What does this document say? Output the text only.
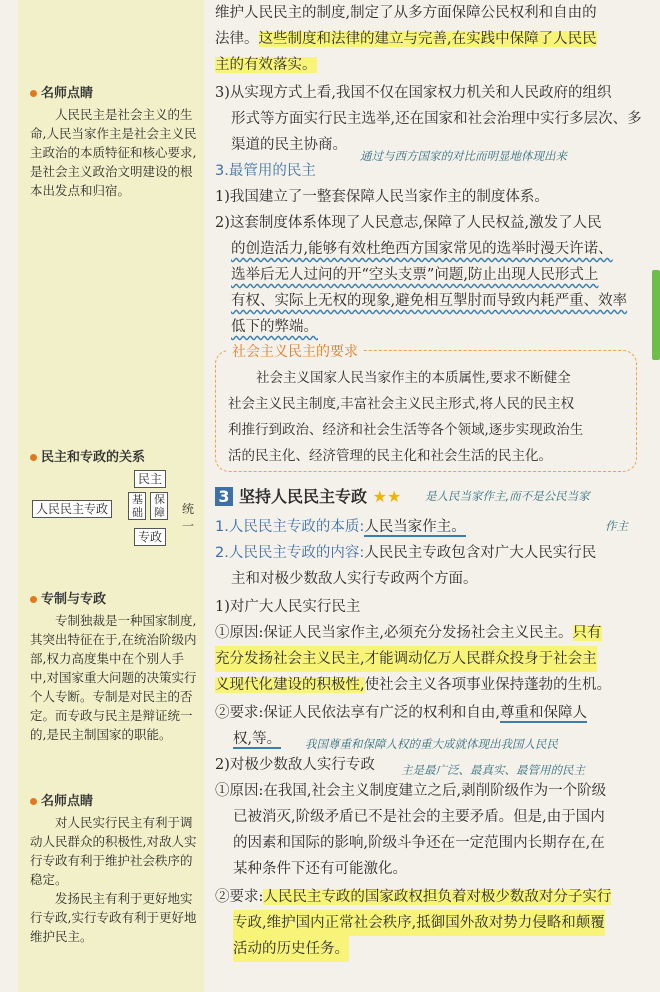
名师点睛
人民民主是社会主义的生命,人民当家作主是社会主义民主政治的本质特征和核心要求,是社会主义政治文明建设的根本出发点和归宿。
民主和专政的关系
人民民主专政
民主
基础
保障
专政
统一
专制与专政
专制独裁是一种国家制度,其突出特征在于,在统治阶级内部,权力高度集中在个别人手中,对国家重大问题的决策实行个人专断。专制是对民主的否定。而专政与民主是辩证统一的,是民主制国家的职能。
名师点睛
对人民实行民主有利于调动人民群众的积极性,对敌人实行专政有利于维护社会秩序的稳定。
发扬民主有利于更好地实行专政,实行专政有利于更好地维护民主。
维护人民民主的制度,制定了从多方面保障公民权利和自由的
法律。这些制度和法律的建立与完善,在实践中保障了人民民
主的有效落实。
3)从实现方式上看,我国不仅在国家权力机关和人民政府的组织
形式等方面实行民主选举,还在国家和社会治理中实行多层次、多
渠道的民主协商。
3.最管用的民主
通过与西方国家的对比而明显地体现出来
1)我国建立了一整套保障人民当家作主的制度体系。
2)这套制度体系体现了人民意志,保障了人民权益,激发了人民
的创造活力,能够有效杜绝西方国家常见的选举时漫天许诺、
选举后无人过问的开“空头支票”问题,防止出现人民形式上
有权、实际上无权的现象,避免相互掣肘而导致内耗严重、效率
低下的弊端。
社会主义民主的要求
社会主义国家人民当家作主的本质属性,要求不断健全
社会主义民主制度,丰富社会主义民主形式,将人民的民主权
利推行到政治、经济和社会生活等各个领域,逐步实现政治生
活的民主化、经济管理的民主化和社会生活的民主化。
3 坚持人民民主专政 ★★ 是人民当家作主,而不是公民当家
作主
1.人民民主专政的本质:人民当家作主。
2.人民民主专政的内容:人民民主专政包含对广大人民实行民
主和对极少数敌人实行专政两个方面。
1)对广大人民实行民主
①原因:保证人民当家作主,必须充分发扬社会主义民主。只有
充分发扬社会主义民主,才能调动亿万人民群众投身于社会主
义现代化建设的积极性,使社会主义各项事业保持蓬勃的生机。
②要求:保证人民依法享有广泛的权利和自由,尊重和保障人
权,等。 我国尊重和保障人权的重大成就体现出我国人民民
2)对极少数敌人实行专政 主是最广泛、最真实、最管用的民主
①原因:在我国,社会主义制度建立之后,剥削阶级作为一个阶级
已被消灭,阶级矛盾已不是社会的主要矛盾。但是,由于国内
的因素和国际的影响,阶级斗争还在一定范围内长期存在,在
某种条件下还有可能激化。
②要求:人民民主专政的国家政权担负着对极少数敌对分子实行
专政,维护国内正常社会秩序,抵御国外敌对势力侵略和颠覆
活动的历史任务。
